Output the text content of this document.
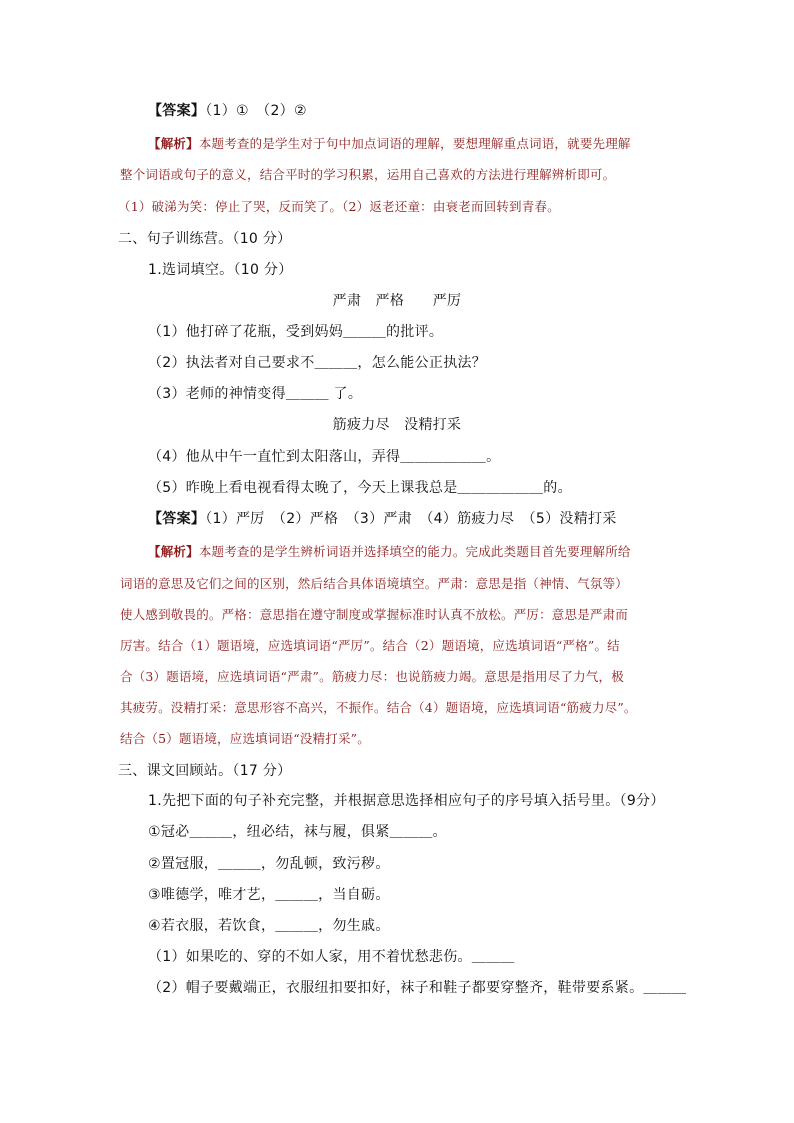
【答案】（1）①　（2）②
【解析】本题考查的是学生对于句中加点词语的理解，要想理解重点词语，就要先理解
整个词语或句子的意义，结合平时的学习积累，运用自己喜欢的方法进行理解辨析即可。
（1）破涕为笑：停止了哭，反而笑了。（2）返老还童：由衰老而回转到青春。
二、句子训练营。（10 分）
1.选词填空。（10 分）
严肃　严格　　严厉
（1）他打碎了花瓶，受到妈妈＿＿＿的批评。
（2）执法者对自己要求不＿＿＿，怎么能公正执法？
（3）老师的神情变得＿＿＿ 了。
筋疲力尽　没精打采
（4）他从中午一直忙到太阳落山，弄得＿＿＿＿＿＿。
（5）昨晚上看电视看得太晚了，今天上课我总是＿＿＿＿＿＿的。
【答案】（1）严厉　（2）严格　（3）严肃　（4）筋疲力尽　（5）没精打采
【解析】本题考查的是学生辨析词语并选择填空的能力。完成此类题目首先要理解所给
词语的意思及它们之间的区别，然后结合具体语境填空。严肃：意思是指（神情、气氛等）
使人感到敬畏的。严格：意思指在遵守制度或掌握标准时认真不放松。严厉：意思是严肃而
厉害。结合（1）题语境，应选填词语“严厉”。结合（2）题语境，应选填词语“严格”。结
合（3）题语境，应选填词语“严肃”。筋疲力尽：也说筋疲力竭。意思是指用尽了力气，极
其疲劳。没精打采：意思形容不高兴，不振作。结合（4）题语境，应选填词语“筋疲力尽”。
结合（5）题语境，应选填词语“没精打采”。
三、课文回顾站。（17 分）
1.先把下面的句子补充完整，并根据意思选择相应句子的序号填入括号里。（9分）
①冠必＿＿＿，纽必结，袜与履，俱紧＿＿＿。
②置冠服，＿＿＿，勿乱顿，致污秽。
③唯德学，唯才艺，＿＿＿，当自砺。
④若衣服，若饮食，＿＿＿，勿生戚。
（1）如果吃的、穿的不如人家，用不着忧愁悲伤。＿＿＿
（2）帽子要戴端正，衣服纽扣要扣好，袜子和鞋子都要穿整齐，鞋带要系紧。＿＿＿
